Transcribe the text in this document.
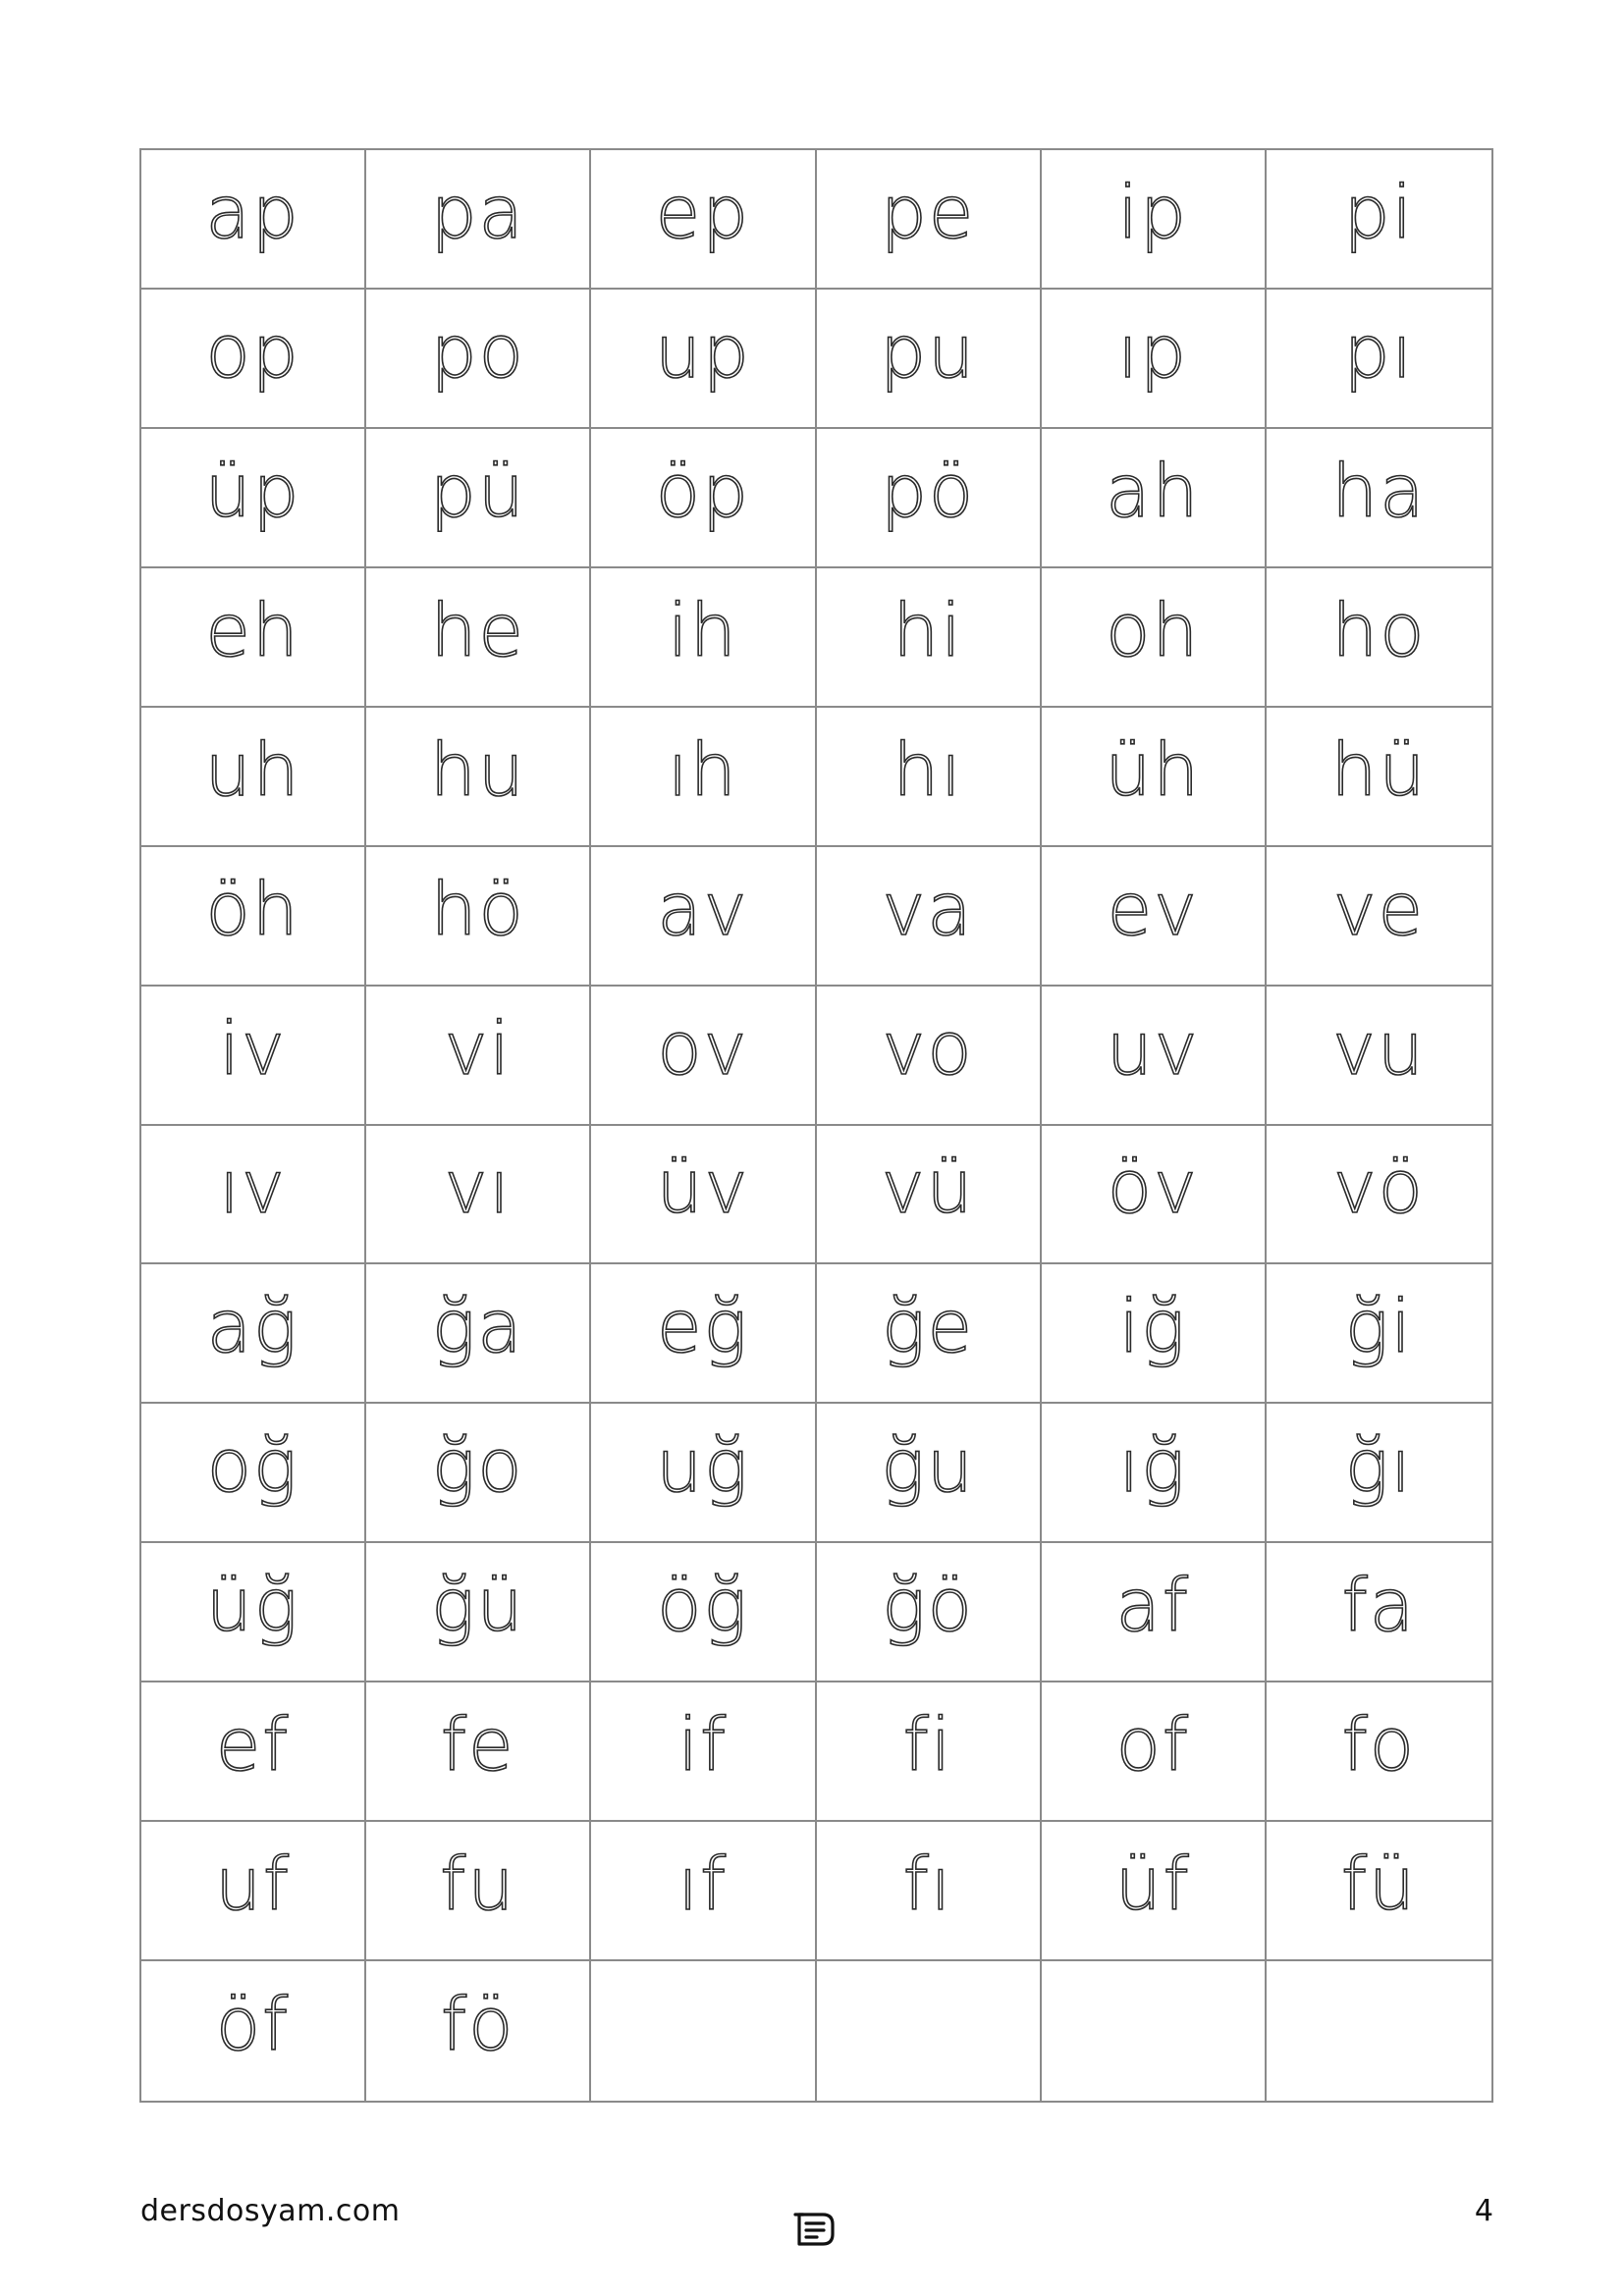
ap pa ep pe ip pi
op po up pu ıp pı
üp pü öp pö ah ha
eh he ih hi oh ho
uh hu ıh hı üh hü
öh hö av va ev ve
iv vi ov vo uv vu
ıv vı üv vü öv vö
ağ ğa eğ ğe iğ ği
oğ ğo uğ ğu ığ ğı
üğ ğü öğ ğö af fa
ef fe if fi of fo
uf fu ıf fı üf fü
öf fö
dersdosyam.com	4
